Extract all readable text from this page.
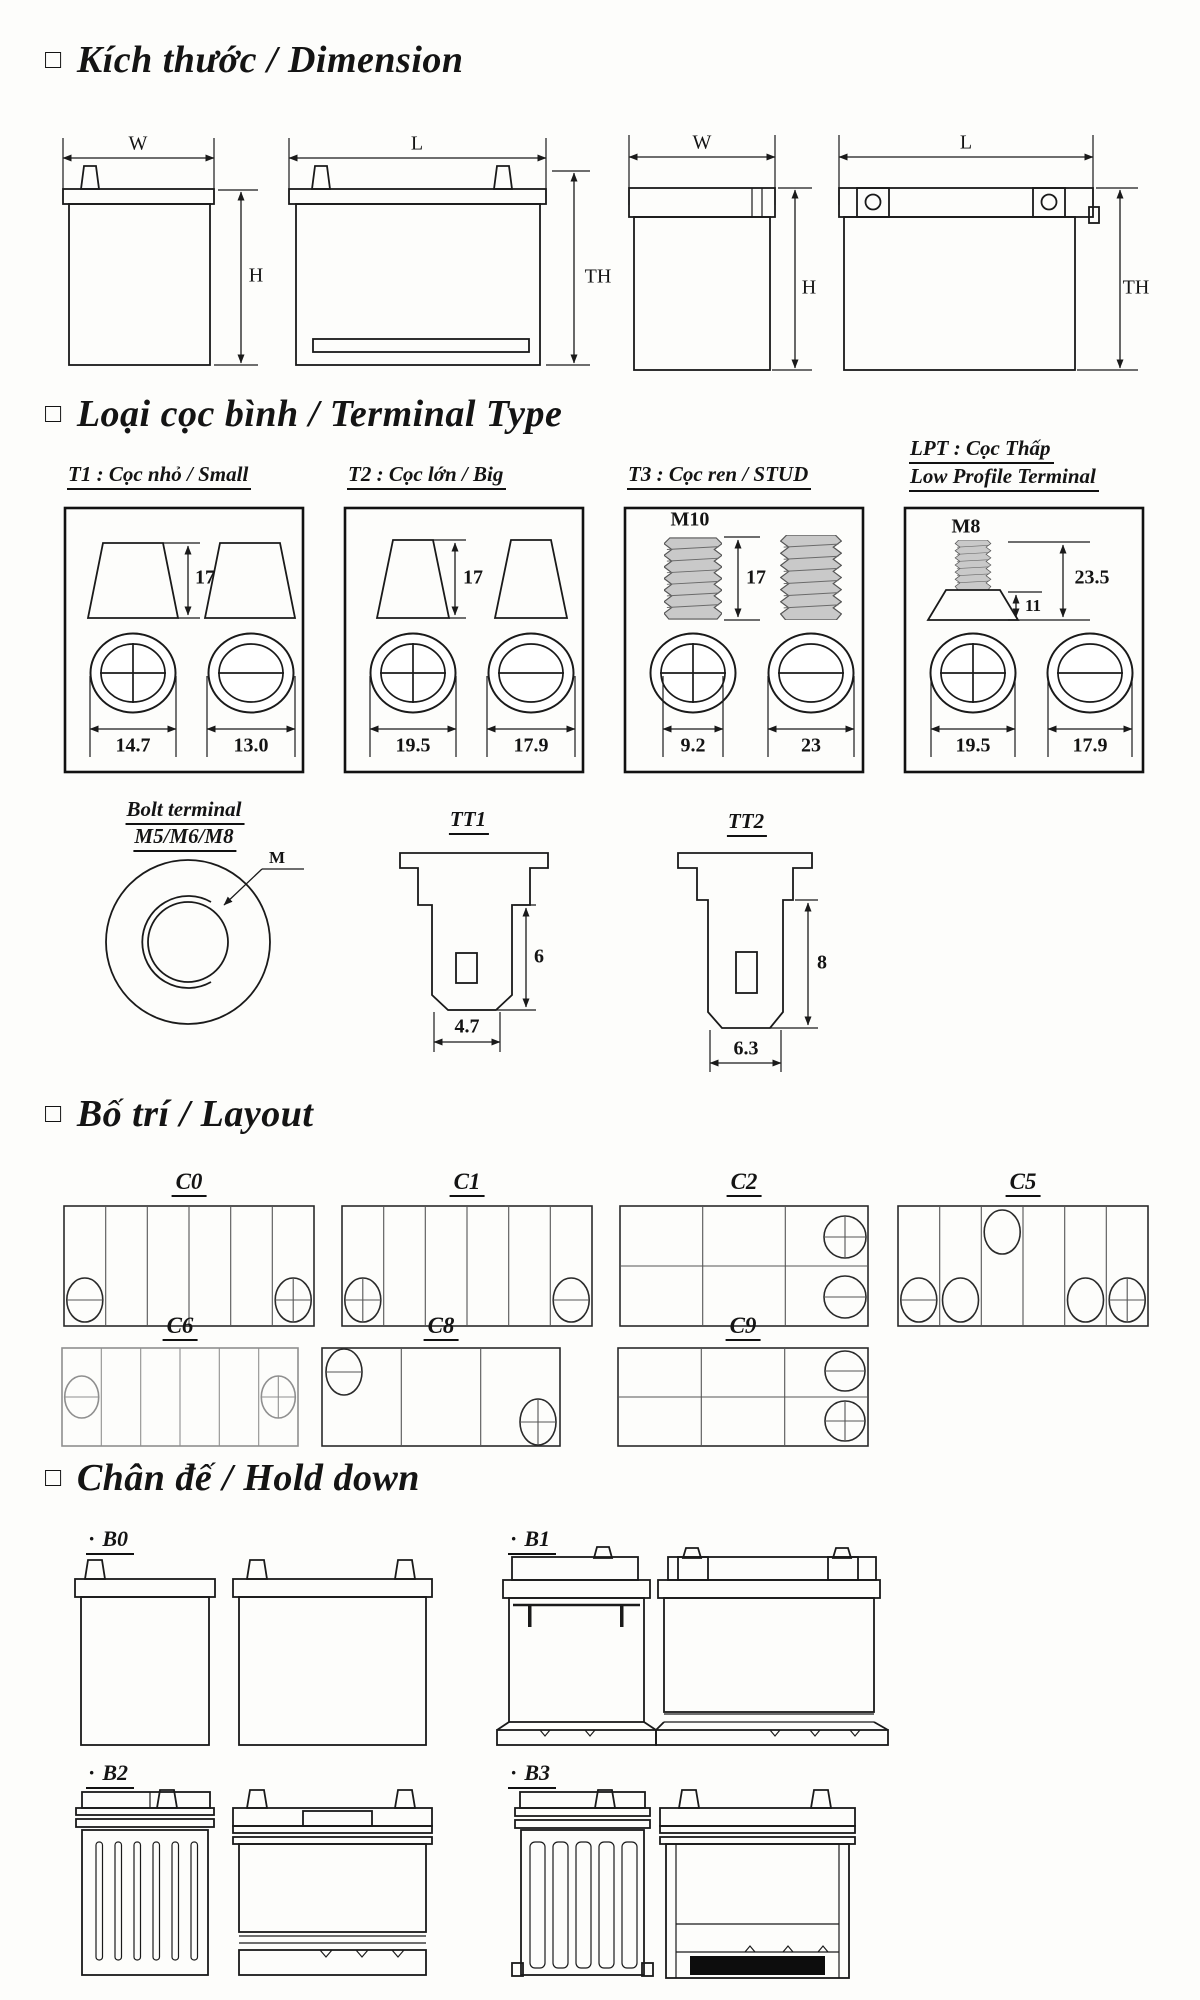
□ Kích thước / Dimension
□ Loại cọc bình / Terminal Type
□ Bố trí / Layout
□ Chân đế / Hold down
W
H
L
TH
W
H
L
TH
T1 : Cọc nhỏ / Small	T2 : Cọc lớn / Big	T3 : Cọc ren / STUD
LPT : Cọc Thấp
Low Profile Terminal
17
14.7	13.0
17
19.5	17.9
M10
17
9.2	23
M8
23.5
11
19.5	17.9
Bolt terminal
M5/M6/M8
M
TT1
6
4.7
TT2
8
6.3
C0	C1	C2	C5
C6	C8	C9
· B0	· B1
· B2	· B3
